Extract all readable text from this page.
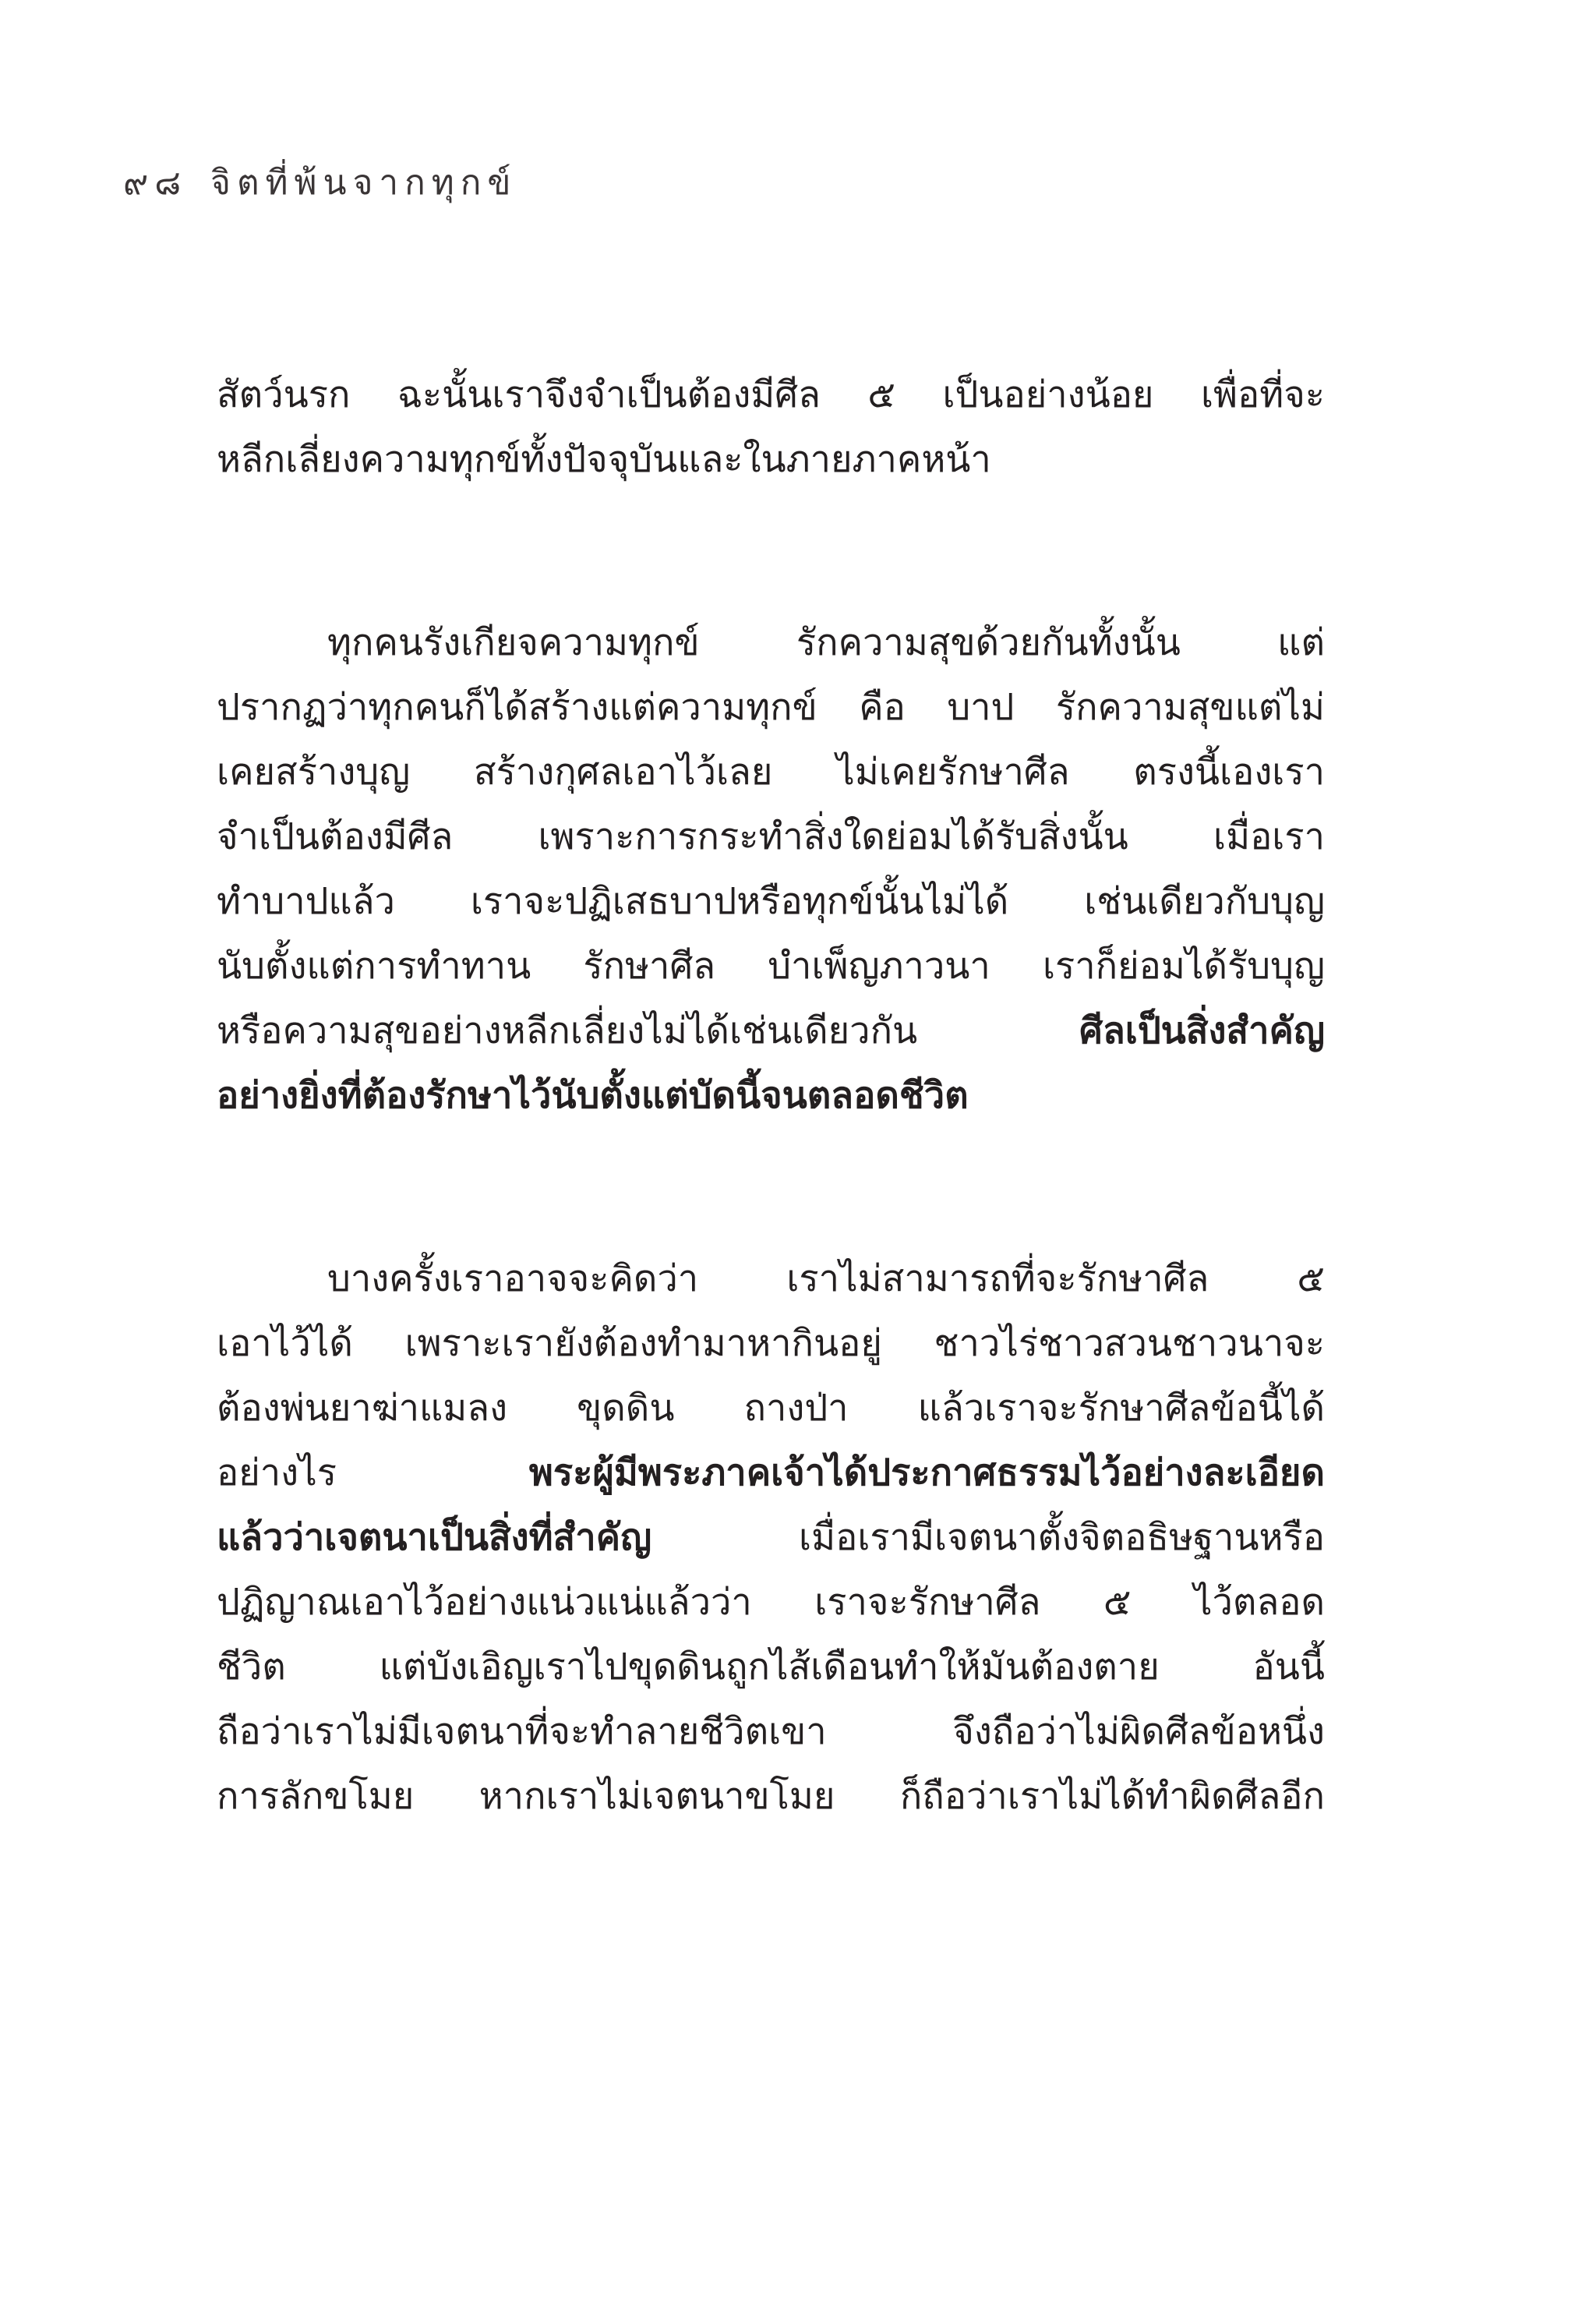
๙๘ จิตที่พ้นจากทุกข์
สัตว์นรก ฉะนั้นเราจึงจำเป็นต้องมีศีล ๕ เป็นอย่างน้อย เพื่อที่จะ
หลีกเลี่ยงความทุกข์ทั้งปัจจุบันและในภายภาคหน้า
ทุกคนรังเกียจความทุกข์ รักความสุขด้วยกันทั้งนั้น แต่
ปรากฏว่าทุกคนก็ได้สร้างแต่ความทุกข์ คือ บาป รักความสุขแต่ไม่
เคยสร้างบุญ สร้างกุศลเอาไว้เลย ไม่เคยรักษาศีล ตรงนี้เองเรา
จำเป็นต้องมีศีล เพราะการกระทำสิ่งใดย่อมได้รับสิ่งนั้น เมื่อเรา
ทำบาปแล้ว เราจะปฏิเสธบาปหรือทุกข์นั้นไม่ได้ เช่นเดียวกับบุญ
นับตั้งแต่การทำทาน รักษาศีล บำเพ็ญภาวนา เราก็ย่อมได้รับบุญ
หรือความสุขอย่างหลีกเลี่ยงไม่ได้เช่นเดียวกัน ศีลเป็นสิ่งสำคัญ
อย่างยิ่งที่ต้องรักษาไว้นับตั้งแต่บัดนี้จนตลอดชีวิต
บางครั้งเราอาจจะคิดว่า เราไม่สามารถที่จะรักษาศีล ๕
เอาไว้ได้ เพราะเรายังต้องทำมาหากินอยู่ ชาวไร่ชาวสวนชาวนาจะ
ต้องพ่นยาฆ่าแมลง ขุดดิน ถางป่า แล้วเราจะรักษาศีลข้อนี้ได้
อย่างไร พระผู้มีพระภาคเจ้าได้ประกาศธรรมไว้อย่างละเอียด
แล้วว่าเจตนาเป็นสิ่งที่สำคัญ เมื่อเรามีเจตนาตั้งจิตอธิษฐานหรือ
ปฏิญาณเอาไว้อย่างแน่วแน่แล้วว่า เราจะรักษาศีล ๕ ไว้ตลอด
ชีวิต แต่บังเอิญเราไปขุดดินถูกไส้เดือนทำให้มันต้องตาย อันนี้
ถือว่าเราไม่มีเจตนาที่จะทำลายชีวิตเขา จึงถือว่าไม่ผิดศีลข้อหนึ่ง
การลักขโมย หากเราไม่เจตนาขโมย ก็ถือว่าเราไม่ได้ทำผิดศีลอีก
